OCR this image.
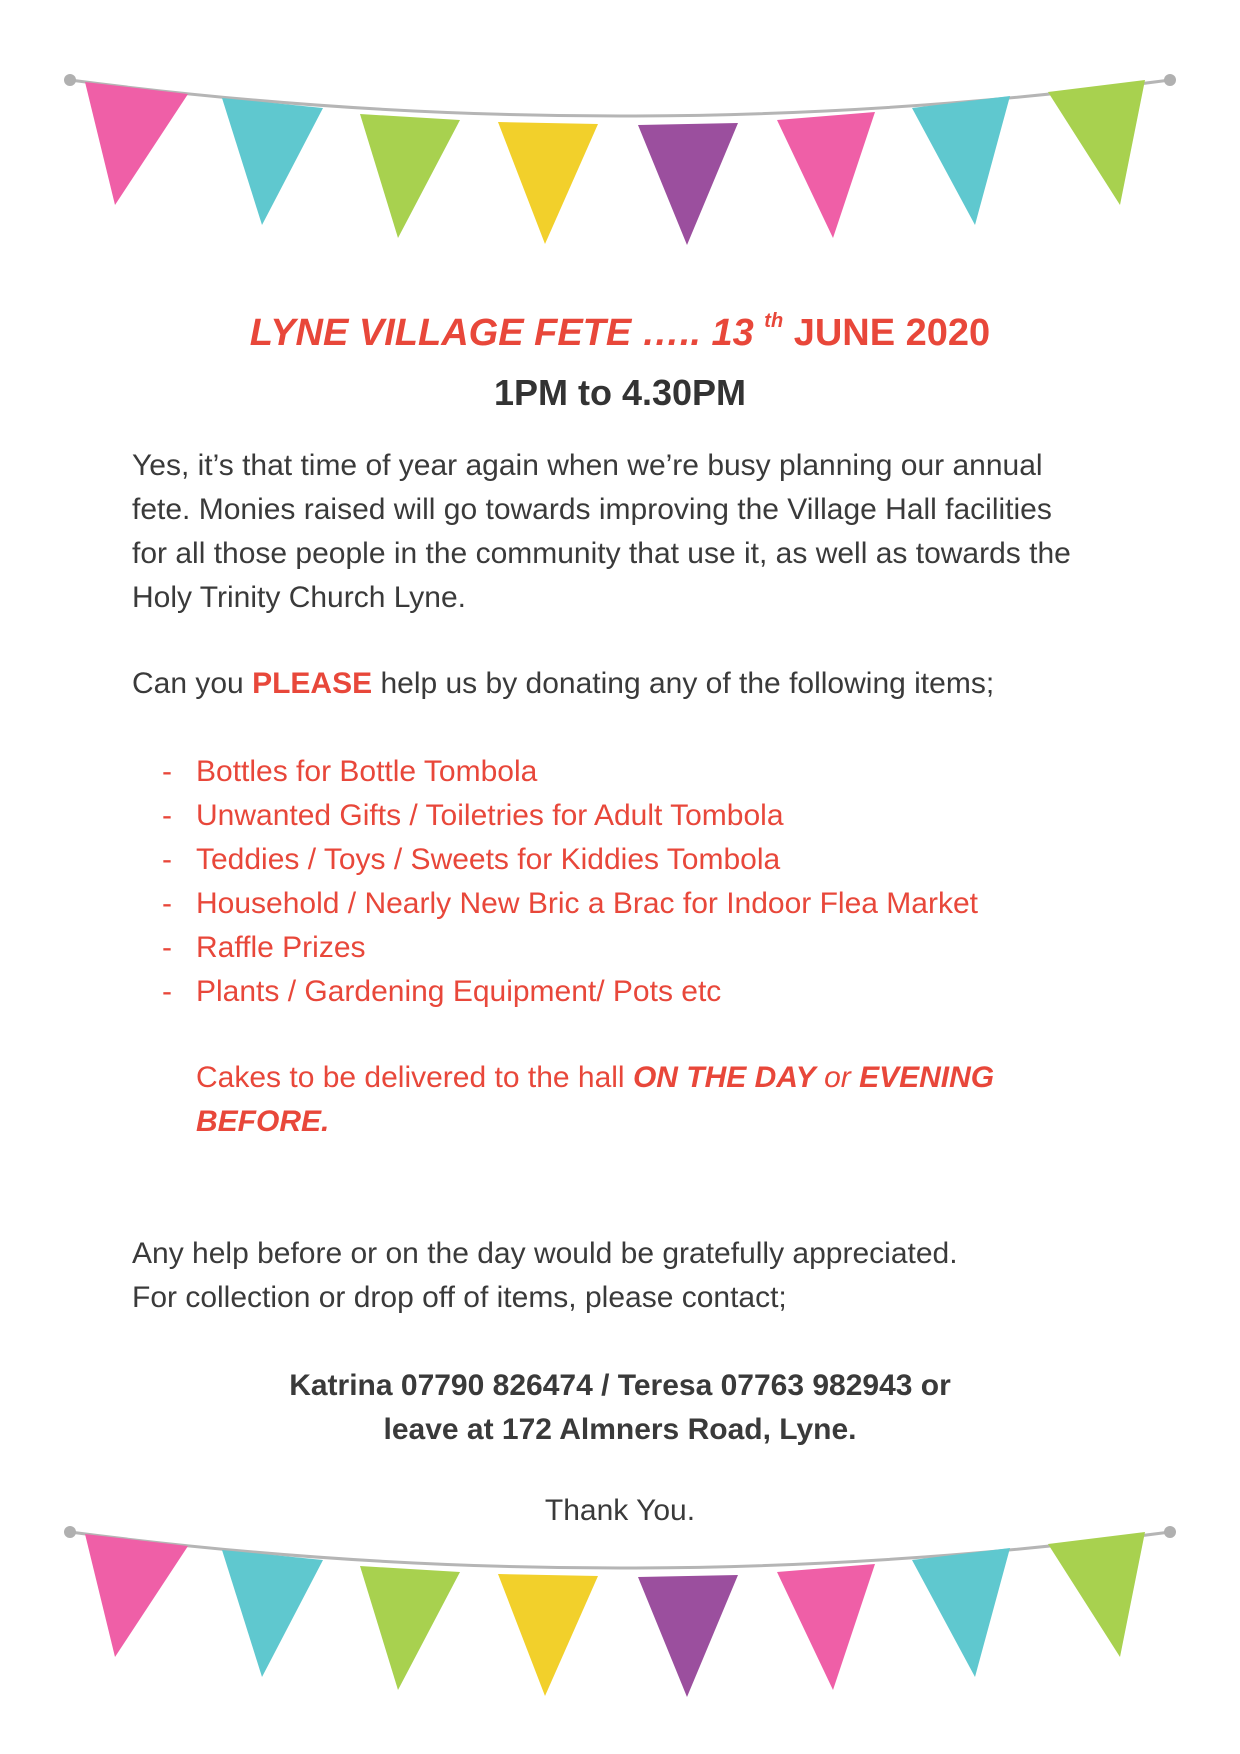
LYNE VILLAGE FETE ….. 13 $^{th}$ JUNE 2020

1PM to 4.30PM

Yes, it’s that time of year again when we’re busy planning our annual fete. Monies raised will go towards improving the Village Hall facilities for all those people in the community that use it, as well as towards the Holy Trinity Church Lyne.

Can you PLEASE help us by donating any of the following items;

- Bottles for Bottle Tombola
- Unwanted Gifts / Toiletries for Adult Tombola
- Teddies / Toys / Sweets for Kiddies Tombola
- Household / Nearly New Bric a Brac for Indoor Flea Market
- Raffle Prizes
- Plants / Gardening Equipment/ Pots etc

Cakes to be delivered to the hall ON THE DAY or EVENING BEFORE.

Any help before or on the day would be gratefully appreciated.
For collection or drop off of items, please contact;

Katrina 07790 826474 / Teresa 07763 982943 or
leave at 172 Almners Road, Lyne.

Thank You.
